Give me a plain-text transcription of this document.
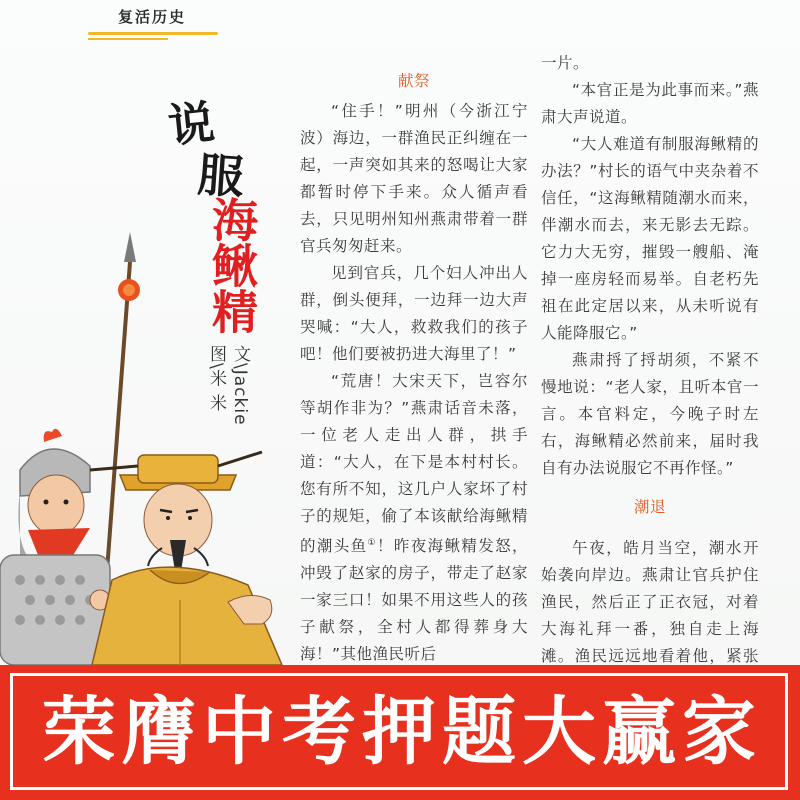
复活历史
说
服
海鳅精
文\Jackie
图\米 米
献祭

“住手！”明州（今浙江宁波）海边，一群渔民正纠缠在一起，一声突如其来的怒喝让大家都暂时停下手来。众人循声看去，只见明州知州燕肃带着一群官兵匆匆赶来。

见到官兵，几个妇人冲出人群，倒头便拜，一边拜一边大声哭喊：“大人，救救我们的孩子吧！他们要被扔进大海里了！”

“荒唐！大宋天下，岂容尔等胡作非为？”燕肃话音未落，一位老人走出人群，拱手道：“大人，在下是本村村长。您有所不知，这几户人家坏了村子的规矩，偷了本该献给海鳅精的潮头鱼①！昨夜海鳅精发怒，冲毁了赵家的房子，带走了赵家一家三口！如果不用这些人的孩子献祭，全村人都得葬身大海！”其他渔民听后

一片。

“本官正是为此事而来。”燕肃大声说道。

“大人难道有制服海鳅精的办法？”村长的语气中夹杂着不信任，“这海鳅精随潮水而来，伴潮水而去，来无影去无踪。它力大无穷，摧毁一艘船、淹掉一座房轻而易举。自老朽先祖在此定居以来，从未听说有人能降服它。”

燕肃捋了捋胡须，不紧不慢地说：“老人家，且听本官一言。本官料定，今晚子时左右，海鳅精必然前来，届时我自有办法说服它不再作怪。”

潮退

午夜，皓月当空，潮水开始袭向岸边。燕肃让官兵护住渔民，然后正了正衣冠，对着大海礼拜一番，独自走上海滩。渔民远远地看着他，紧张

荣膺中考押题大赢家
